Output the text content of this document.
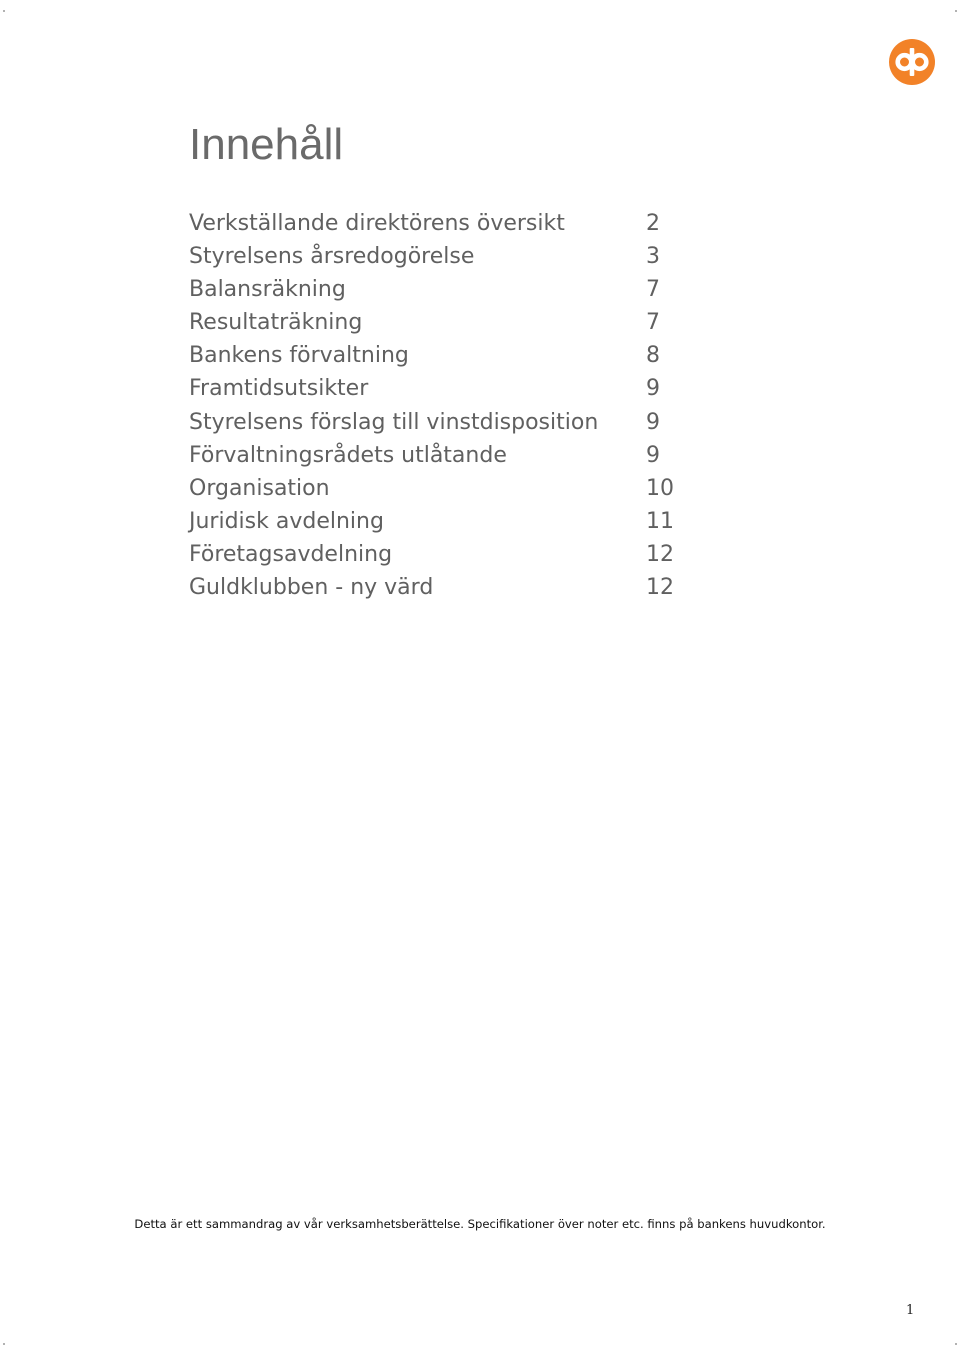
Innehåll
Verkställande direktörens översikt	2
Styrelsens årsredogörelse	3
Balansräkning	7
Resultaträkning	7
Bankens förvaltning	8
Framtidsutsikter	9
Styrelsens förslag till vinstdisposition 9
Förvaltningsrådets utlåtande	9
Organisation	10
Juridisk avdelning	11
Företagsavdelning	12
Guldklubben - ny värd	12
Detta är ett sammandrag av vår verksamhetsberättelse. Specifikationer över noter etc. finns på bankens huvudkontor.
1
